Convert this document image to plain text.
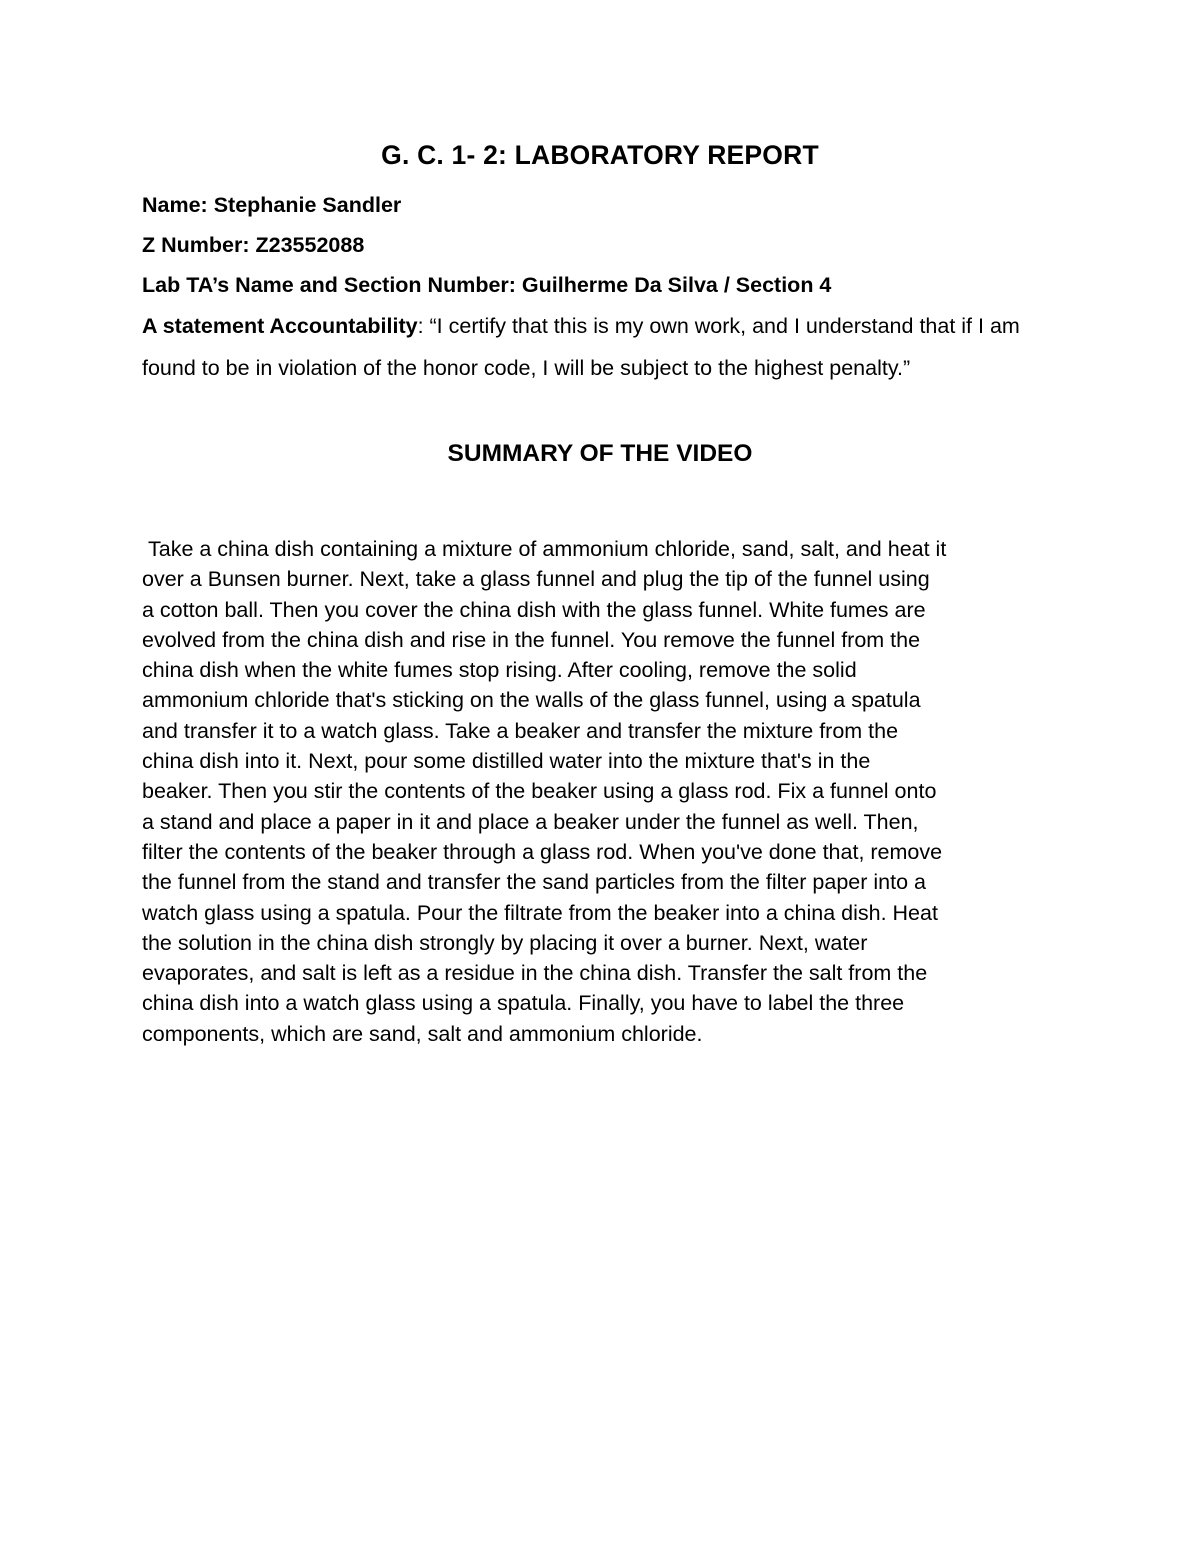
G. C. 1- 2: LABORATORY REPORT

Name: Stephanie Sandler

Z Number: Z23552088

Lab TA’s Name and Section Number: Guilherme Da Silva / Section 4

A statement Accountability: “I certify that this is my own work, and I understand that if I am found to be in violation of the honor code, I will be subject to the highest penalty.”

SUMMARY OF THE VIDEO

Take a china dish containing a mixture of ammonium chloride, sand, salt, and heat it
over a Bunsen burner. Next, take a glass funnel and plug the tip of the funnel using
a cotton ball. Then you cover the china dish with the glass funnel. White fumes are
evolved from the china dish and rise in the funnel. You remove the funnel from the
china dish when the white fumes stop rising. After cooling, remove the solid
ammonium chloride that's sticking on the walls of the glass funnel, using a spatula
and transfer it to a watch glass. Take a beaker and transfer the mixture from the
china dish into it. Next, pour some distilled water into the mixture that's in the
beaker. Then you stir the contents of the beaker using a glass rod. Fix a funnel onto
a stand and place a paper in it and place a beaker under the funnel as well. Then,
filter the contents of the beaker through a glass rod. When you've done that, remove
the funnel from the stand and transfer the sand particles from the filter paper into a
watch glass using a spatula. Pour the filtrate from the beaker into a china dish. Heat
the solution in the china dish strongly by placing it over a burner. Next, water
evaporates, and salt is left as a residue in the china dish. Transfer the salt from the
china dish into a watch glass using a spatula. Finally, you have to label the three
components, which are sand, salt and ammonium chloride.
